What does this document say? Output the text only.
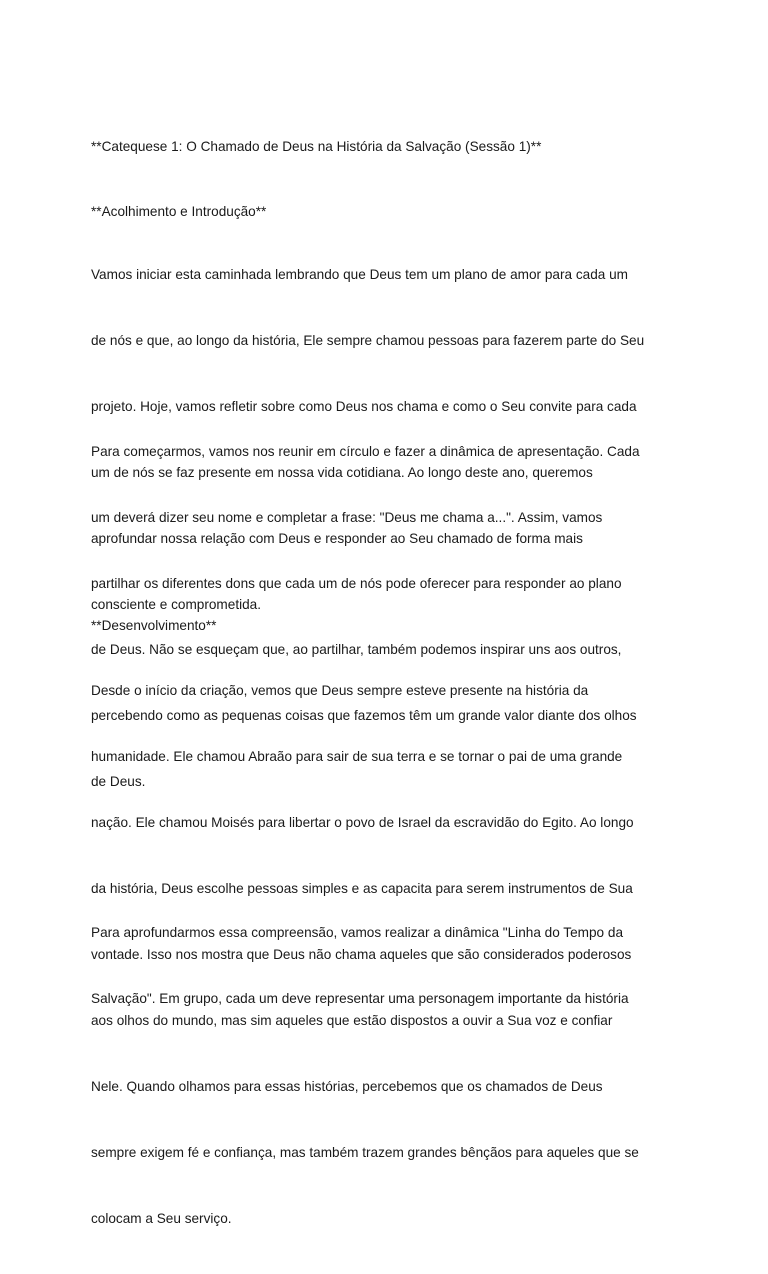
**Catequese 1: O Chamado de Deus na História da Salvação (Sessão 1)**

**Acolhimento e Introdução**

Vamos iniciar esta caminhada lembrando que Deus tem um plano de amor para cada um

de nós e que, ao longo da história, Ele sempre chamou pessoas para fazerem parte do Seu

projeto. Hoje, vamos refletir sobre como Deus nos chama e como o Seu convite para cada

um de nós se faz presente em nossa vida cotidiana. Ao longo deste ano, queremos

aprofundar nossa relação com Deus e responder ao Seu chamado de forma mais

consciente e comprometida.

Para começarmos, vamos nos reunir em círculo e fazer a dinâmica de apresentação. Cada

um deverá dizer seu nome e completar a frase: "Deus me chama a...". Assim, vamos

partilhar os diferentes dons que cada um de nós pode oferecer para responder ao plano

de Deus. Não se esqueçam que, ao partilhar, também podemos inspirar uns aos outros,

percebendo como as pequenas coisas que fazemos têm um grande valor diante dos olhos

de Deus.

**Desenvolvimento**

Desde o início da criação, vemos que Deus sempre esteve presente na história da

humanidade. Ele chamou Abraão para sair de sua terra e se tornar o pai de uma grande

nação. Ele chamou Moisés para libertar o povo de Israel da escravidão do Egito. Ao longo

da história, Deus escolhe pessoas simples e as capacita para serem instrumentos de Sua

vontade. Isso nos mostra que Deus não chama aqueles que são considerados poderosos

aos olhos do mundo, mas sim aqueles que estão dispostos a ouvir a Sua voz e confiar

Nele. Quando olhamos para essas histórias, percebemos que os chamados de Deus

sempre exigem fé e confiança, mas também trazem grandes bênçãos para aqueles que se

colocam a Seu serviço.

Para aprofundarmos essa compreensão, vamos realizar a dinâmica "Linha do Tempo da

Salvação". Em grupo, cada um deve representar uma personagem importante da história
